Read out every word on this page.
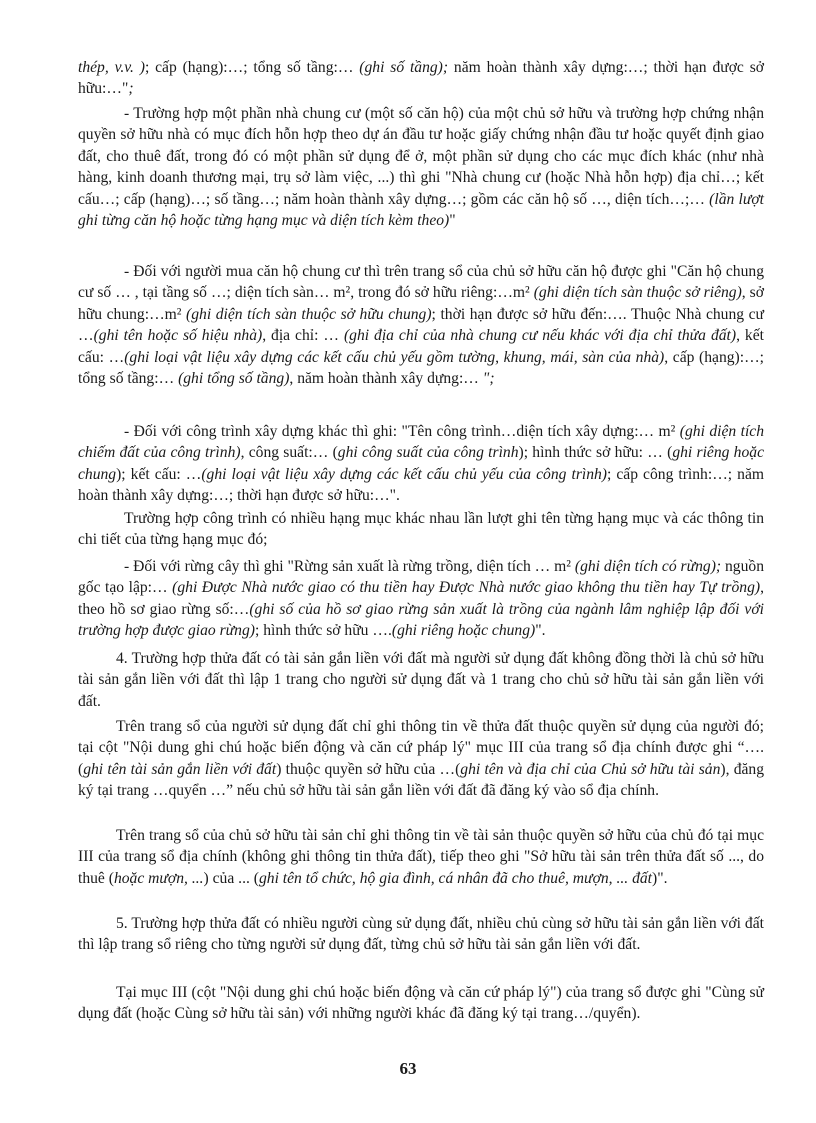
thép, v.v. ); cấp (hạng):…; tổng số tầng:… (ghi số tầng); năm hoàn thành xây dựng:…; thời hạn được sở hữu:…";

- Trường hợp một phần nhà chung cư (một số căn hộ) của một chủ sở hữu và trường hợp chứng nhận quyền sở hữu nhà có mục đích hỗn hợp theo dự án đầu tư hoặc giấy chứng nhận đầu tư hoặc quyết định giao đất, cho thuê đất, trong đó có một phần sử dụng để ở, một phần sử dụng cho các mục đích khác (như nhà hàng, kinh doanh thương mại, trụ sở làm việc, ...) thì ghi "Nhà chung cư (hoặc Nhà hỗn hợp) địa chỉ…; kết cấu…; cấp (hạng)…; số tầng…; năm hoàn thành xây dựng…; gồm các căn hộ số …, diện tích…;… (lần lượt ghi từng căn hộ hoặc từng hạng mục và diện tích kèm theo)"

- Đối với người mua căn hộ chung cư thì trên trang sổ của chủ sở hữu căn hộ được ghi "Căn hộ chung cư số … , tại tầng số …; diện tích sàn… m², trong đó sở hữu riêng:…m² (ghi diện tích sàn thuộc sở riêng), sở hữu chung:…m² (ghi diện tích sàn thuộc sở hữu chung); thời hạn được sở hữu đến:…. Thuộc Nhà chung cư …(ghi tên hoặc số hiệu nhà), địa chỉ: … (ghi địa chỉ của nhà chung cư nếu khác với địa chỉ thửa đất), kết cấu: …(ghi loại vật liệu xây dựng các kết cấu chủ yếu gồm tường, khung, mái, sàn của nhà), cấp (hạng):…; tổng số tầng:… (ghi tổng số tầng), năm hoàn thành xây dựng:… ";

- Đối với công trình xây dựng khác thì ghi: "Tên công trình…diện tích xây dựng:… m² (ghi diện tích chiếm đất của công trình), công suất:… (ghi công suất của công trình); hình thức sở hữu: … (ghi riêng hoặc chung); kết cấu: …(ghi loại vật liệu xây dựng các kết cấu chủ yếu của công trình); cấp công trình:…; năm hoàn thành xây dựng:…; thời hạn được sở hữu:…".

Trường hợp công trình có nhiều hạng mục khác nhau lần lượt ghi tên từng hạng mục và các thông tin chi tiết của từng hạng mục đó;

- Đối với rừng cây thì ghi "Rừng sản xuất là rừng trồng, diện tích … m² (ghi diện tích có rừng); nguồn gốc tạo lập:… (ghi Được Nhà nước giao có thu tiền hay Được Nhà nước giao không thu tiền hay Tự trồng), theo hồ sơ giao rừng số:…(ghi số của hồ sơ giao rừng sản xuất là trồng của ngành lâm nghiệp lập đối với trường hợp được giao rừng); hình thức sở hữu ….(ghi riêng hoặc chung)".

4. Trường hợp thửa đất có tài sản gắn liền với đất mà người sử dụng đất không đồng thời là chủ sở hữu tài sản gắn liền với đất thì lập 1 trang cho người sử dụng đất và 1 trang cho chủ sở hữu tài sản gắn liền với đất.

Trên trang sổ của người sử dụng đất chỉ ghi thông tin về thửa đất thuộc quyền sử dụng của người đó; tại cột "Nội dung ghi chú hoặc biến động và căn cứ pháp lý" mục III của trang sổ địa chính được ghi “…. (ghi tên tài sản gắn liền với đất) thuộc quyền sở hữu của …(ghi tên và địa chỉ của Chủ sở hữu tài sản), đăng ký tại trang …quyển …” nếu chủ sở hữu tài sản gắn liền với đất đã đăng ký vào sổ địa chính.

Trên trang sổ của chủ sở hữu tài sản chỉ ghi thông tin về tài sản thuộc quyền sở hữu của chủ đó tại mục III của trang sổ địa chính (không ghi thông tin thửa đất), tiếp theo ghi "Sở hữu tài sản trên thửa đất số ..., do thuê (hoặc mượn, ...) của ... (ghi tên tổ chức, hộ gia đình, cá nhân đã cho thuê, mượn, ... đất)".

5. Trường hợp thửa đất có nhiều người cùng sử dụng đất, nhiều chủ cùng sở hữu tài sản gắn liền với đất thì lập trang sổ riêng cho từng người sử dụng đất, từng chủ sở hữu tài sản gắn liền với đất.

Tại mục III (cột "Nội dung ghi chú hoặc biến động và căn cứ pháp lý") của trang sổ được ghi "Cùng sử dụng đất (hoặc Cùng sở hữu tài sản) với những người khác đã đăng ký tại trang…/quyển).

63
